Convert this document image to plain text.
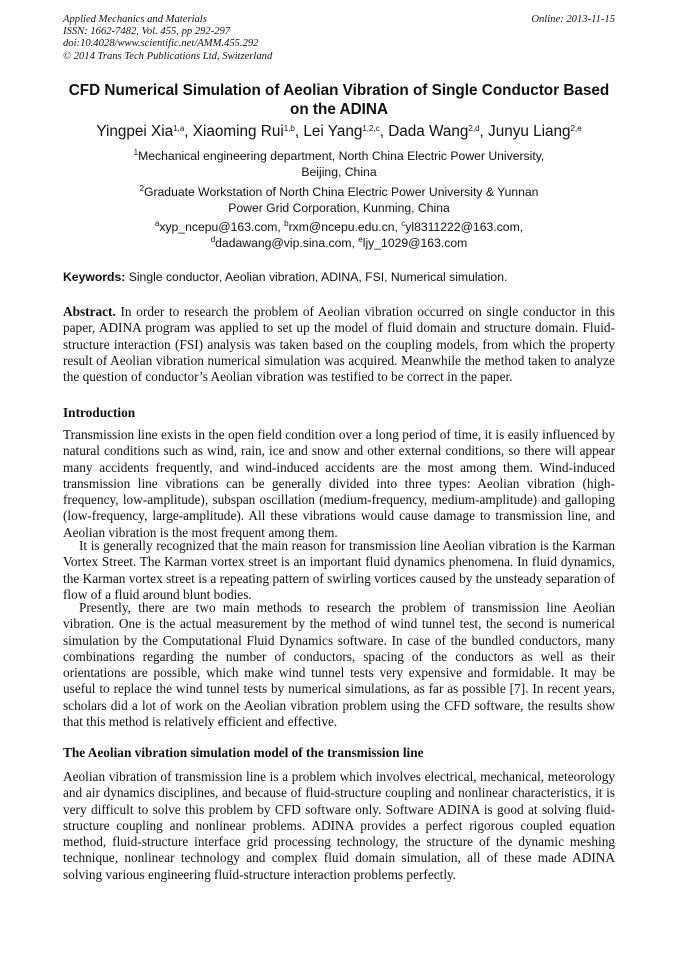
Applied Mechanics and Materials
ISSN: 1662-7482, Vol. 455, pp 292-297
doi:10.4028/www.scientific.net/AMM.455.292
© 2014 Trans Tech Publications Ltd, Switzerland
Online: 2013-11-15
CFD Numerical Simulation of Aeolian Vibration of Single Conductor Based on the ADINA
Yingpei Xia$^{1,a}$, Xiaoming Rui$^{1,b}$, Lei Yang$^{1,2,c}$, Dada Wang$^{2,d}$, Junyu Liang$^{2,e}$
$^1$Mechanical engineering department, North China Electric Power University,
Beijing, China
$^2$Graduate Workstation of North China Electric Power University & Yunnan
Power Grid Corporation, Kunming, China
$^a$xyp_ncepu@163.com, $^b$rxm@ncepu.edu.cn, $^c$yl8311222@163.com,
$^d$dadawang@vip.sina.com, $^e$ljy_1029@163.com
Keywords: Single conductor, Aeolian vibration, ADINA, FSI, Numerical simulation.

Abstract. In order to research the problem of Aeolian vibration occurred on single conductor in this paper, ADINA program was applied to set up the model of fluid domain and structure domain. Fluid-structure interaction (FSI) analysis was taken based on the coupling models, from which the property result of Aeolian vibration numerical simulation was acquired. Meanwhile the method taken to analyze the question of conductor’s Aeolian vibration was testified to be correct in the paper.

Introduction

Transmission line exists in the open field condition over a long period of time, it is easily influenced by natural conditions such as wind, rain, ice and snow and other external conditions, so there will appear many accidents frequently, and wind-induced accidents are the most among them. Wind-induced transmission line vibrations can be generally divided into three types: Aeolian vibration (high-frequency, low-amplitude), subspan oscillation (medium-frequency, medium-amplitude) and galloping (low-frequency, large-amplitude). All these vibrations would cause damage to transmission line, and Aeolian vibration is the most frequent among them.

It is generally recognized that the main reason for transmission line Aeolian vibration is the Karman Vortex Street. The Karman vortex street is an important fluid dynamics phenomena. In fluid dynamics, the Karman vortex street is a repeating pattern of swirling vortices caused by the unsteady separation of flow of a fluid around blunt bodies.

Presently, there are two main methods to research the problem of transmission line Aeolian vibration. One is the actual measurement by the method of wind tunnel test, the second is numerical simulation by the Computational Fluid Dynamics software. In case of the bundled conductors, many combinations regarding the number of conductors, spacing of the conductors as well as their orientations are possible, which make wind tunnel tests very expensive and formidable. It may be useful to replace the wind tunnel tests by numerical simulations, as far as possible [7]. In recent years, scholars did a lot of work on the Aeolian vibration problem using the CFD software, the results show that this method is relatively efficient and effective.

The Aeolian vibration simulation model of the transmission line

Aeolian vibration of transmission line is a problem which involves electrical, mechanical, meteorology and air dynamics disciplines, and because of fluid-structure coupling and nonlinear characteristics, it is very difficult to solve this problem by CFD software only. Software ADINA is good at solving fluid-structure coupling and nonlinear problems. ADINA provides a perfect rigorous coupled equation method, fluid-structure interface grid processing technology, the structure of the dynamic meshing technique, nonlinear technology and complex fluid domain simulation, all of these made ADINA solving various engineering fluid-structure interaction problems perfectly.
